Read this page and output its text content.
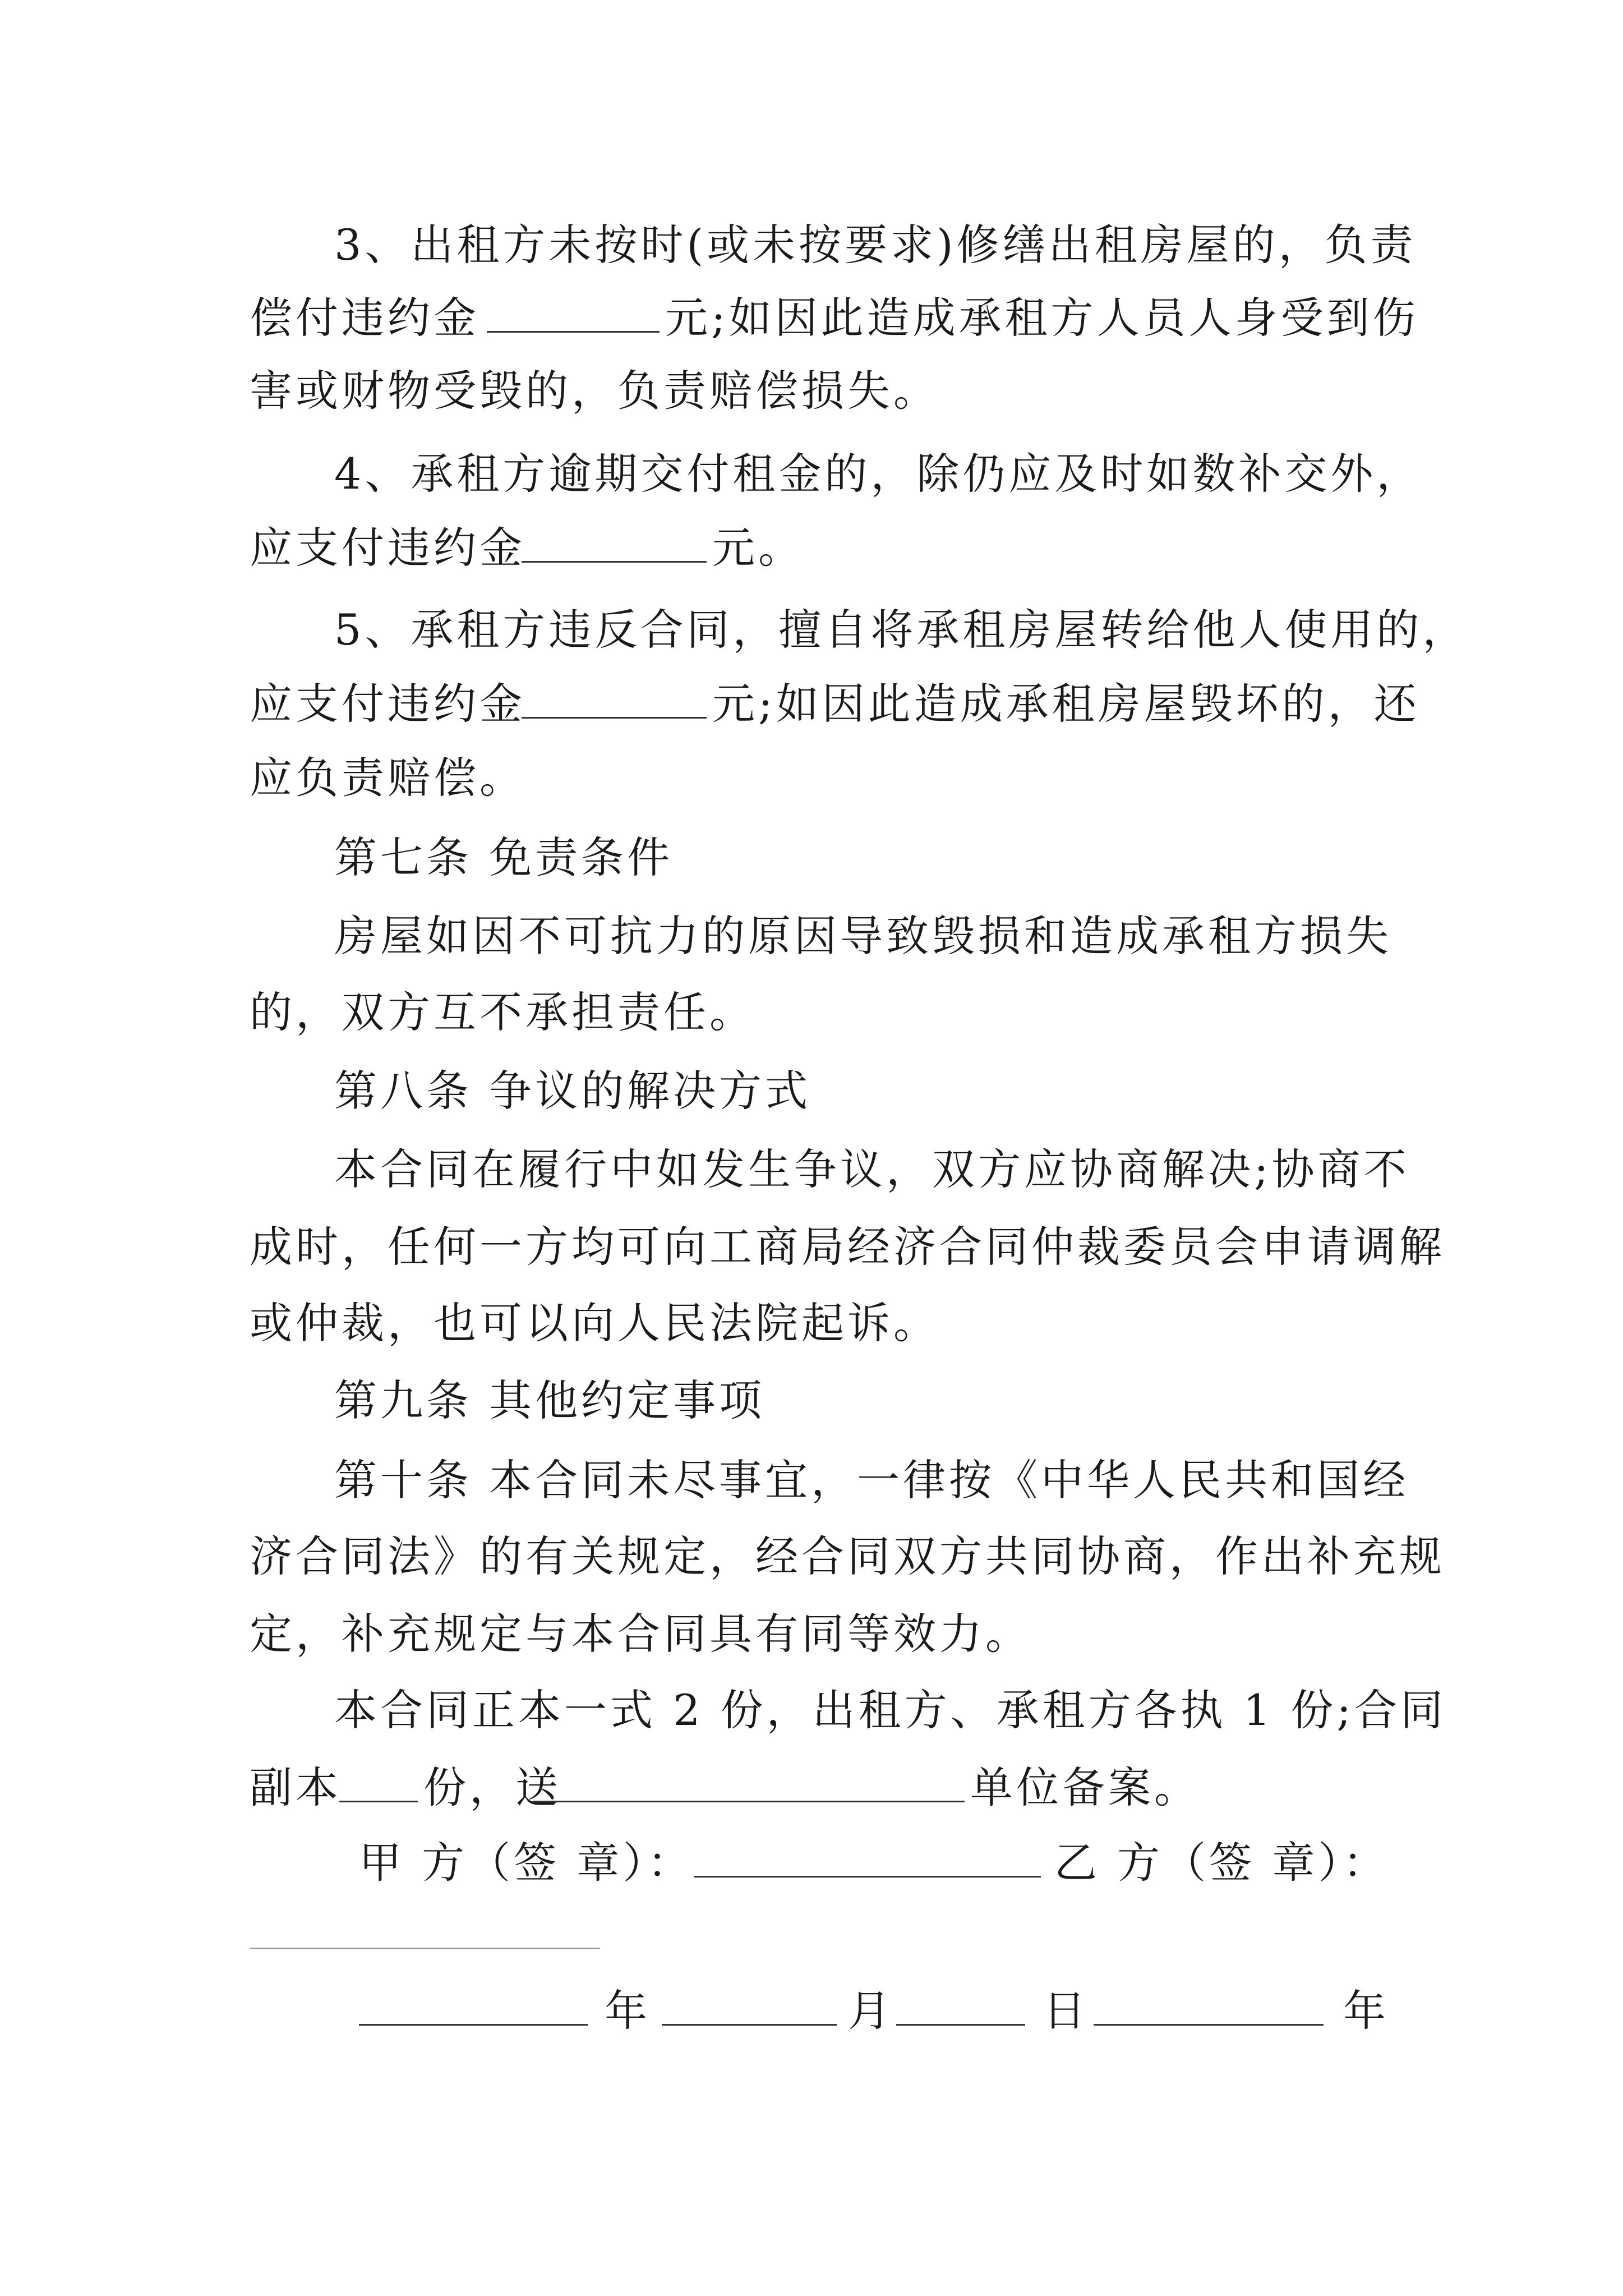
3、出租方未按时(或未按要求)修缮出租房屋的，负责
偿付违约金	元;如因此造成承租方人员人身受到伤
害或财物受毁的，负责赔偿损失。
4、承租方逾期交付租金的，除仍应及时如数补交外，
应支付违约金	元。
5、承租方违反合同，擅自将承租房屋转给他人使用的，
应支付违约金	元;如因此造成承租房屋毁坏的，还
应负责赔偿。
第七条 免责条件
房屋如因不可抗力的原因导致毁损和造成承租方损失
的，双方互不承担责任。
第八条 争议的解决方式
本合同在履行中如发生争议，双方应协商解决;协商不
成时，任何一方均可向工商局经济合同仲裁委员会申请调解
或仲裁，也可以向人民法院起诉。
第九条 其他约定事项
第十条 本合同未尽事宜，一律按《中华人民共和国经
济合同法》的有关规定，经合同双方共同协商，作出补充规
定，补充规定与本合同具有同等效力。
本合同正本一式 2 份，出租方、承租方各执 1 份;合同
副本 份，送	单位备案。
甲 方（签 章）：	乙 方（签 章）：
年	月	日	年
